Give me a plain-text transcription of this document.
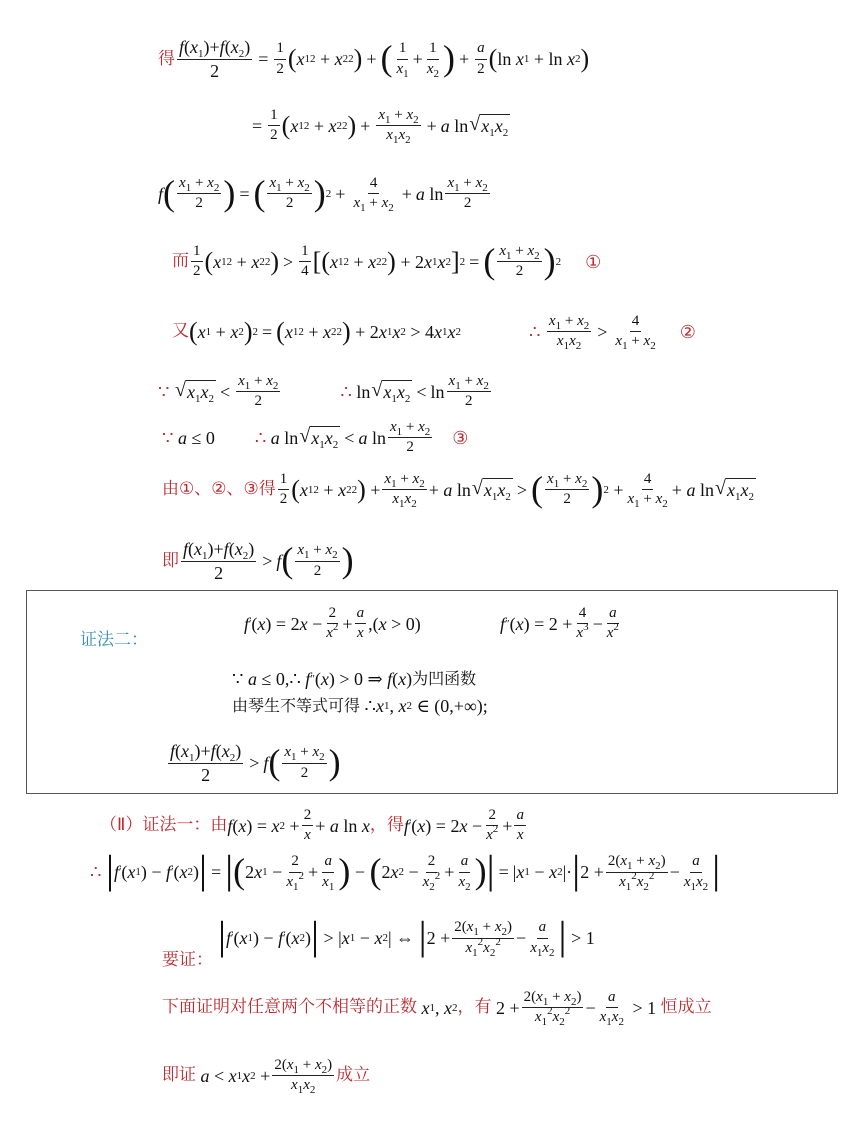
得 $\frac{f(x_1)+f(x_2)}{2} = \frac{1}{2}$ ( x 1 2 + x 2 2 ) + ( $\frac{1}{x_1} + \frac{1}{x_2}$ ) + $\frac{a}{2}$ ( ln x 1 + ln x 2 )
= $\frac{1}{2}$ ( x 1 2 + x 2 2 ) + $\frac{x_1 + x_2}{x_1x_2} + a$ ln √ $x_1x_2$
f ( $\frac{x_1 + x_2}{2}$ ) = ( $\frac{x_1 + x_2}{2}$ ) $2 + \frac{4}{x_1 + x_2} + a$ $\ln \frac{x_1 + x_2}{2}$
而 $\frac{1}{2}$ ( x 1 2 + x 2 2 ) > $\frac{1}{4}$ [ ( x 1 2 + x 2 2 ) + 2 x 1 x 2 ] 2 = ( $\frac{x_1 + x_2}{2}$ ) 2 ①
又 ( x 1 + x 2 ) 2 = ( x 1 2 + x 2 2 ) + 2 x 1 x 2 > 4 x 1 x 2	∴
$\frac{x_1 + x_2}{x_1x_2} > \frac{4}{x_1 + x_2}$ ②
∵
√ $x_1x_2 < \frac{x_1 + x_2}{2}$	∴ ln √ $x_1x_2 < \ln \frac{x_1 + x_2}{2}$
∵
a ≤ 0 ∴
a ln √ $x_1x_2 < a$ $\ln \frac{x_1 + x_2}{2}$ ③
由①、②、③得 $\frac{1}{2}$ ( x 1 2 + x 2 2 ) + $\frac{x_1 + x_2}{x_1x_2} + a$ ln √ $x_1x_2$ > ( $\frac{x_1 + x_2}{2}$ ) $2 + \frac{4}{x_1 + x_2} + a$ ln √ $x_1x_2$
即 $\frac{f(x_1)+f(x_2)}{2} > f$ ( $\frac{x_1 + x_2}{2}$ )
证法二：
f ′ ( x ) = 2 $x - \frac{2}{x^2} + \frac{a}{x}$ ,( x > 0)	f ″ ( x ) = $2 + \frac{4}{x^3} - \frac{a}{x^2}$
∵ a ≤ 0,∴ f ″ ( x ) > 0 ⇒ f ( x ) 为凹函数
由琴生不等式可得 ∴ x 1 , x 2 ∈ (0,+∞);
$\frac{f(x_1)+f(x_2)}{2} > f$ ( $\frac{x_1 + x_2}{2}$ )
（Ⅱ）证法一：由 f ( x ) = x $2 + \frac{2}{x} + a$ ln x ，得 f ′ ( x ) = 2 $x - \frac{2}{x^2} + \frac{a}{x}$
∴
| f ′ ( x 1 ) − f ′ ( x 2 ) | = | ( 2 x $1 - \frac{2}{x_1^2} + \frac{a}{x_1}$ ) − ( 2 x $2 - \frac{2}{x_2^2} + \frac{a}{x_2}$ ) | = | x 1 − x 2 |· | $2 + \frac{2(x_1 + x_2)}{x_1^2x_2^2} - \frac{a}{x_1x_2}$ |
| f ′ ( x 1 ) − f ′ ( x 2 ) | > | x 1 − x 2 | ⇔ | $2 + \frac{2(x_1 + x_2)}{x_1^2x_2^2} - \frac{a}{x_1x_2}$ | > 1
要证：
下面证明对任意两个不相等的正数
x 1 , x 2 ，有 $2 + \frac{2(x_1 + x_2)}{x_1^2x_2^2} - \frac{a}{x_1x_2} > 1$ 恒成立
即证
a < x 1 x $2 + \frac{2(x_1 + x_2)}{x_1x_2}$ 成立
